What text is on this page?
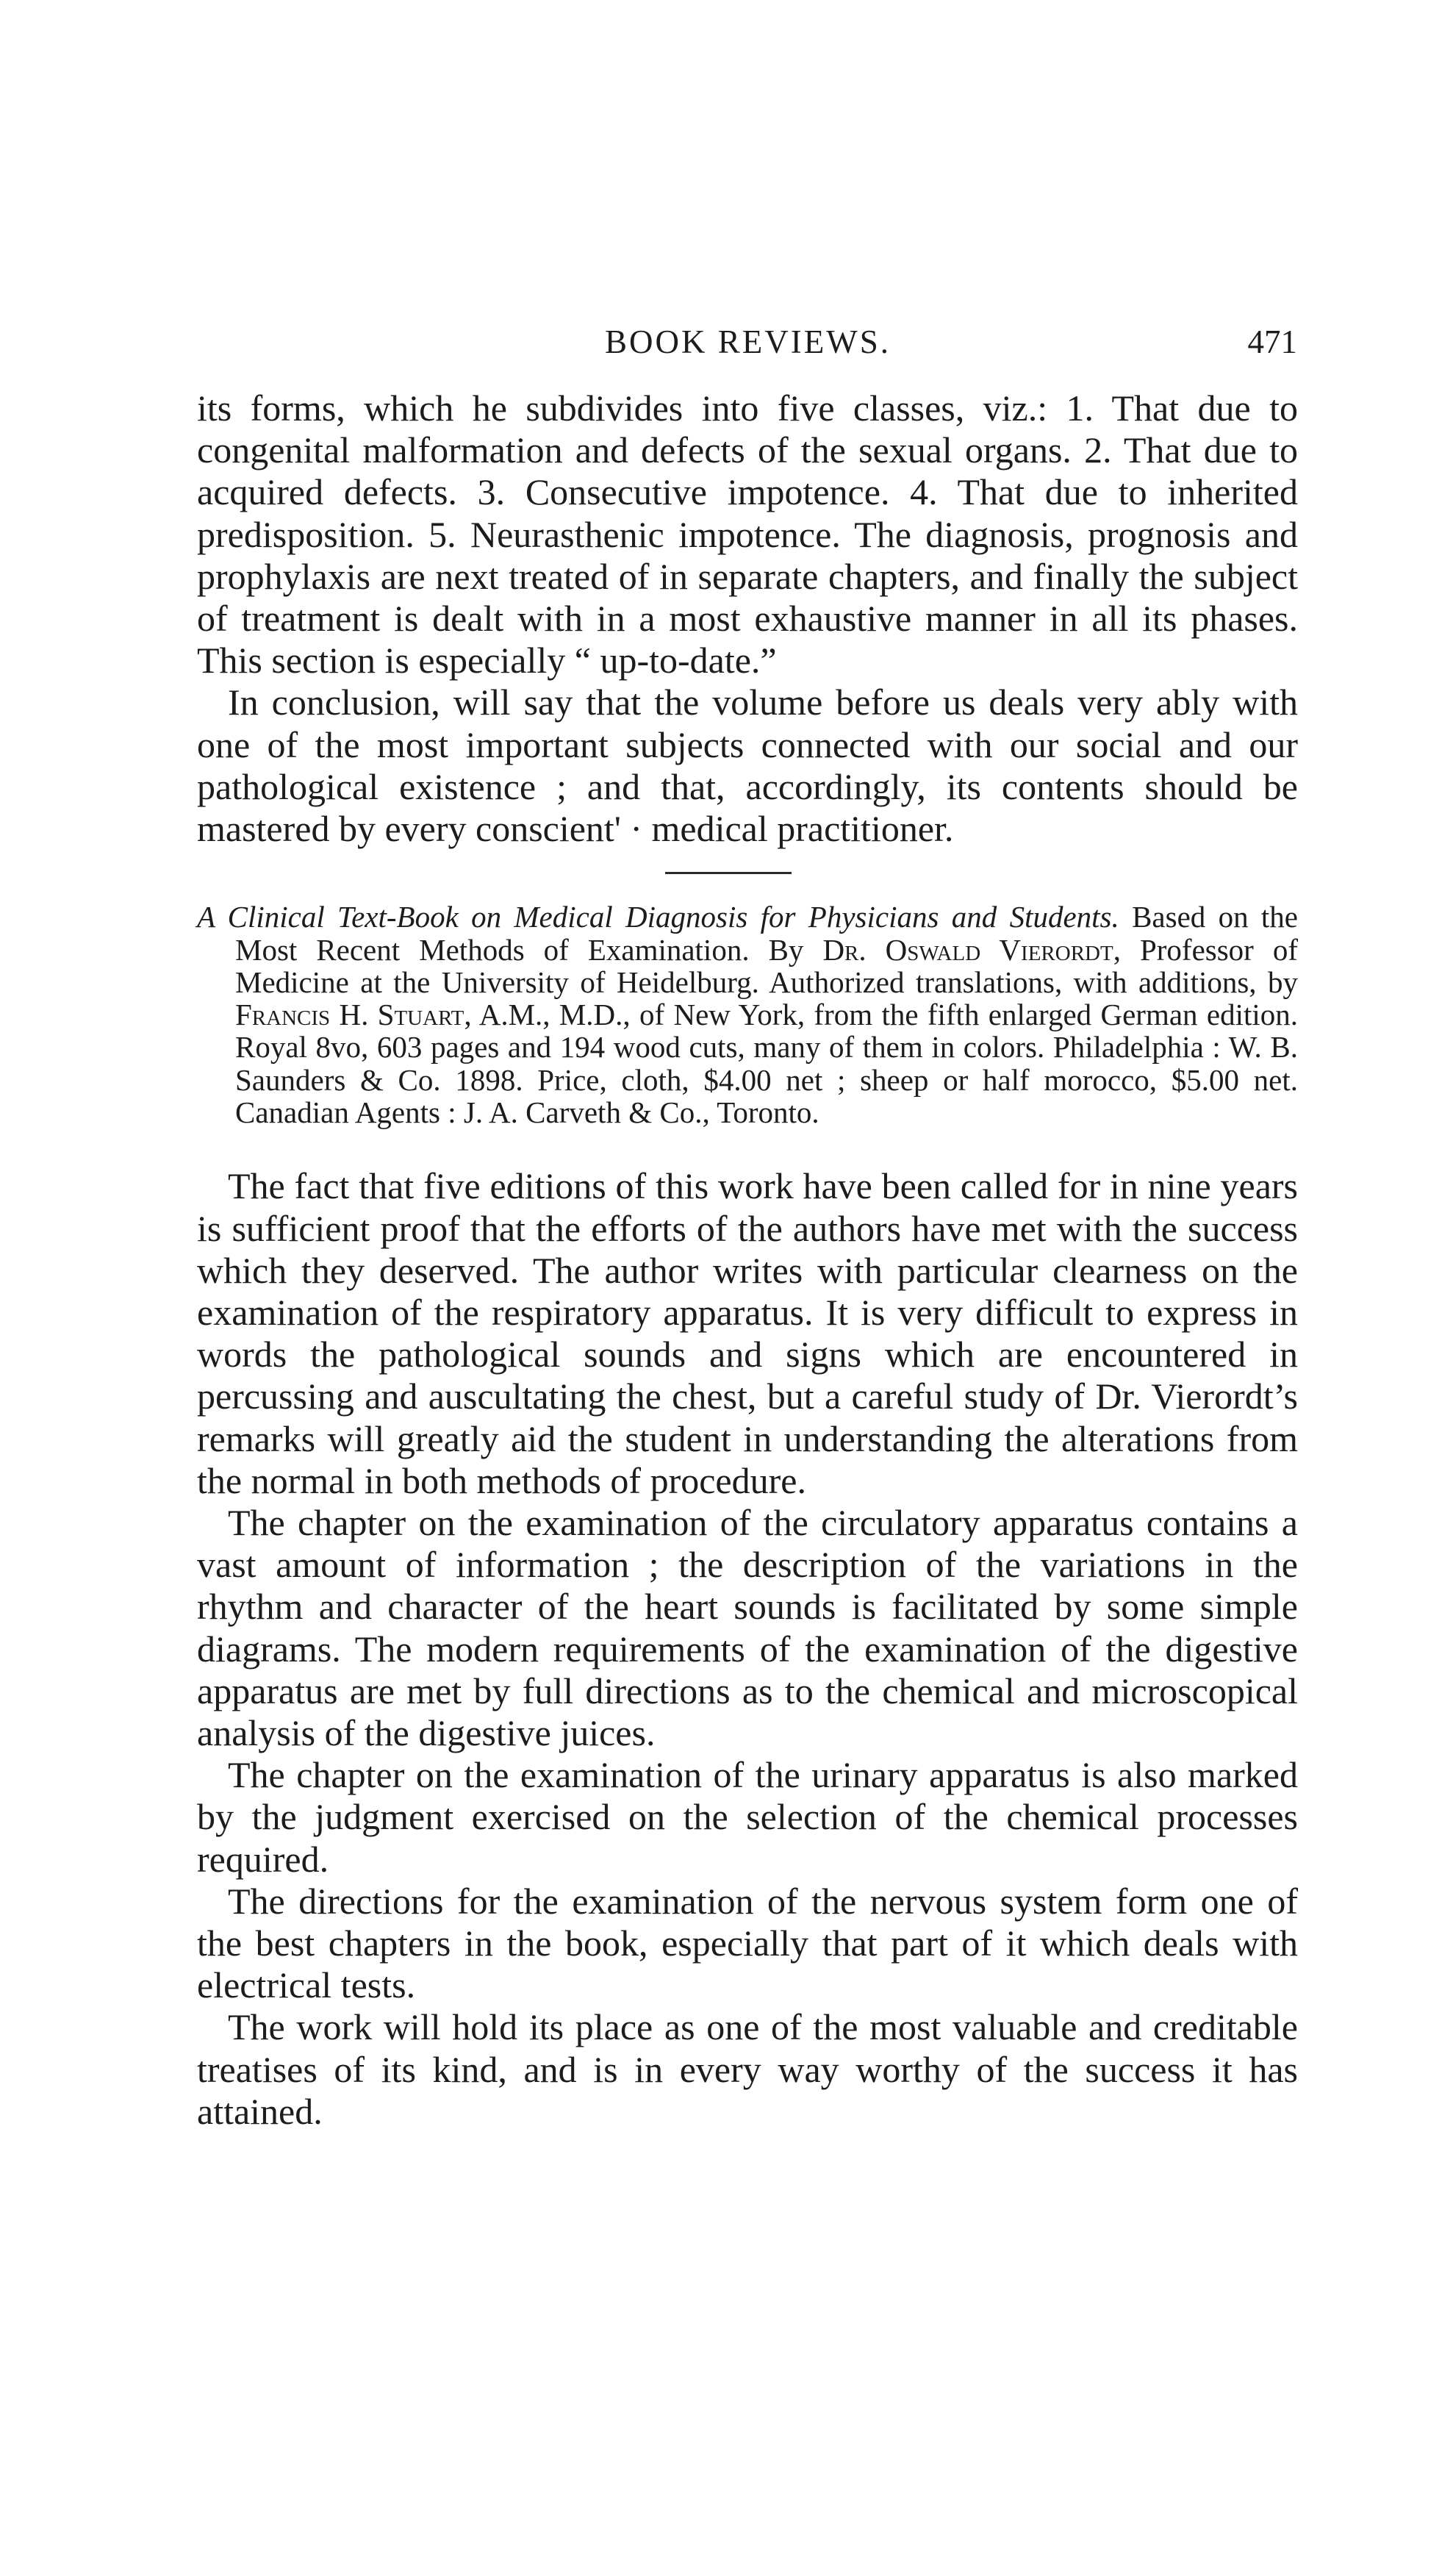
BOOK REVIEWS.	471

its forms, which he subdivides into five classes, viz.: 1. That due to congenital malformation and defects of the sexual organs. 2. That due to acquired defects. 3. Consecutive impotence. 4. That due to inherited predisposition. 5. Neurasthenic impotence. The diagnosis, prognosis and prophylaxis are next treated of in separate chapters, and finally the subject of treatment is dealt with in a most exhaustive manner in all its phases. This section is especially “ up-to-date.”

In conclusion, will say that the volume before us deals very ably with one of the most important subjects connected with our social and our pathological existence ; and that, accordingly, its contents should be mastered by every conscient' · medical practitioner.

A Clinical Text-Book on Medical Diagnosis for Physicians and Students. Based on the Most Recent Methods of Examination. By Dr. Oswald Vierordt, Professor of Medicine at the University of Heidelburg. Authorized translations, with additions, by Francis H. Stuart, A.M., M.D., of New York, from the fifth enlarged German edition. Royal 8vo, 603 pages and 194 wood cuts, many of them in colors. Philadelphia : W. B. Saunders & Co. 1898. Price, cloth, $4.00 net ; sheep or half morocco, $5.00 net. Canadian Agents : J. A. Carveth & Co., Toronto.

The fact that five editions of this work have been called for in nine years is sufficient proof that the efforts of the authors have met with the success which they deserved. The author writes with particular clearness on the examination of the respiratory apparatus. It is very difficult to express in words the pathological sounds and signs which are encountered in percussing and auscultating the chest, but a careful study of Dr. Vierordt’s remarks will greatly aid the student in understanding the alterations from the normal in both methods of procedure.

The chapter on the examination of the circulatory apparatus contains a vast amount of information ; the description of the variations in the rhythm and character of the heart sounds is facilitated by some simple diagrams. The modern requirements of the examination of the digestive apparatus are met by full directions as to the chemical and microscopical analysis of the digestive juices.

The chapter on the examination of the urinary apparatus is also marked by the judgment exercised on the selection of the chemical processes required.

The directions for the examination of the nervous system form one of the best chapters in the book, especially that part of it which deals with electrical tests.

The work will hold its place as one of the most valuable and creditable treatises of its kind, and is in every way worthy of the success it has attained.
